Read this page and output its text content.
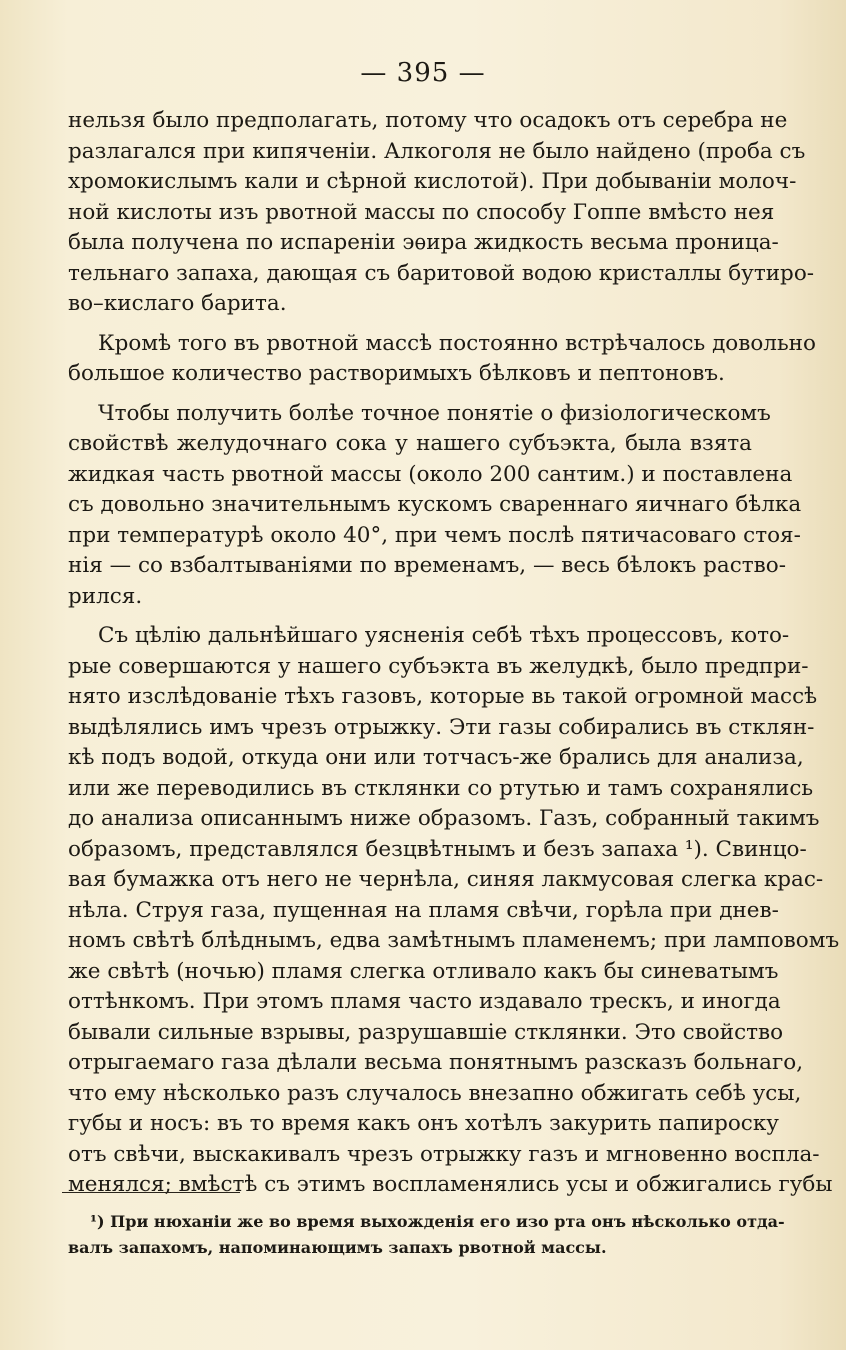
— 395 —
нельзя было предполагать, потому что осадокъ отъ серебра не
разлагался при кипяченіи. Алкоголя не было найдено (проба съ
хромокислымъ кали и сѣрной кислотой). При добываніи молоч-
ной кислоты изъ рвотной массы по способу Гоппе вмѣсто нея
была получена по испареніи эѳира жидкость весьма проница-
тельнаго запаха, дающая съ баритовой водою кристаллы бутиро-
во–кислаго барита.
Кромѣ того въ рвотной массѣ постоянно встрѣчалось довольно
большое количество растворимыхъ бѣлковъ и пептоновъ.
Чтобы получить болѣе точное понятіе о физіологическомъ
свойствѣ желудочнаго сока у нашего субъэкта, была взята
жидкая часть рвотной массы (около 200 сантим.) и поставлена
съ довольно значительнымъ кускомъ свареннаго яичнаго бѣлка
при температурѣ около 40°, при чемъ послѣ пятичасоваго стоя-
нія — со взбалтываніями по временамъ, — весь бѣлокъ раство-
рился.
Съ цѣлію дальнѣйшаго уясненія себѣ тѣхъ процессовъ, кото-
рые совершаются у нашего субъэкта въ желудкѣ, было предпри-
нято изслѣдованіе тѣхъ газовъ, которые вь такой огромной массѣ
выдѣлялись имъ чрезъ отрыжку. Эти газы собирались въ стклян-
кѣ подъ водой, откуда они или тотчасъ-же брались для анализа,
или же переводились въ стклянки со ртутью и тамъ сохранялись
до анализа описаннымъ ниже образомъ. Газъ, собранный такимъ
образомъ, представлялся безцвѣтнымъ и безъ запаха ¹). Свинцо-
вая бумажка отъ него не чернѣла, синяя лакмусовая слегка крас-
нѣла. Струя газа, пущенная на пламя свѣчи, горѣла при днев-
номъ свѣтѣ блѣднымъ, едва замѣтнымъ пламенемъ; при ламповомъ
же свѣтѣ (ночью) пламя слегка отливало какъ бы синеватымъ
оттѣнкомъ. При этомъ пламя часто издавало трескъ, и иногда
бывали сильные взрывы, разрушавшіе стклянки. Это свойство
отрыгаемаго газа дѣлали весьма понятнымъ разсказъ больнаго,
что ему нѣсколько разъ случалось внезапно обжигать себѣ усы,
губы и носъ: въ то время какъ онъ хотѣлъ закурить папироску
отъ свѣчи, выскакивалъ чрезъ отрыжку газъ и мгновенно воспла-
менялся; вмѣстѣ съ этимъ воспламенялись усы и обжигались губы
¹) При нюханіи же во время выхожденія его изо рта онъ нѣсколько отда-
валъ запахомъ, напоминающимъ запахъ рвотной массы.
